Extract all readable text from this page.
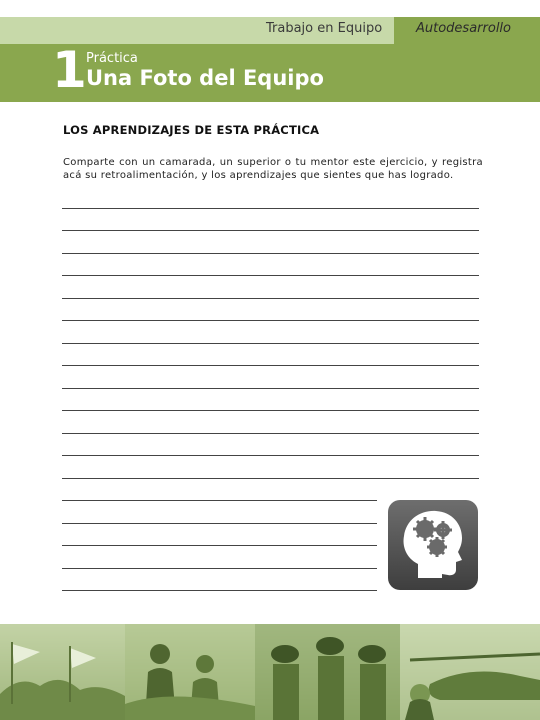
Trabajo en Equipo	Autodesarrollo
1 Práctica
Una Foto del Equipo
LOS APRENDIZAJES DE ESTA PRÁCTICA
Comparte con un camarada, un superior o tu mentor este ejercicio, y registra acá su retroalimentación, y los aprendizajes que sientes que has logrado.
